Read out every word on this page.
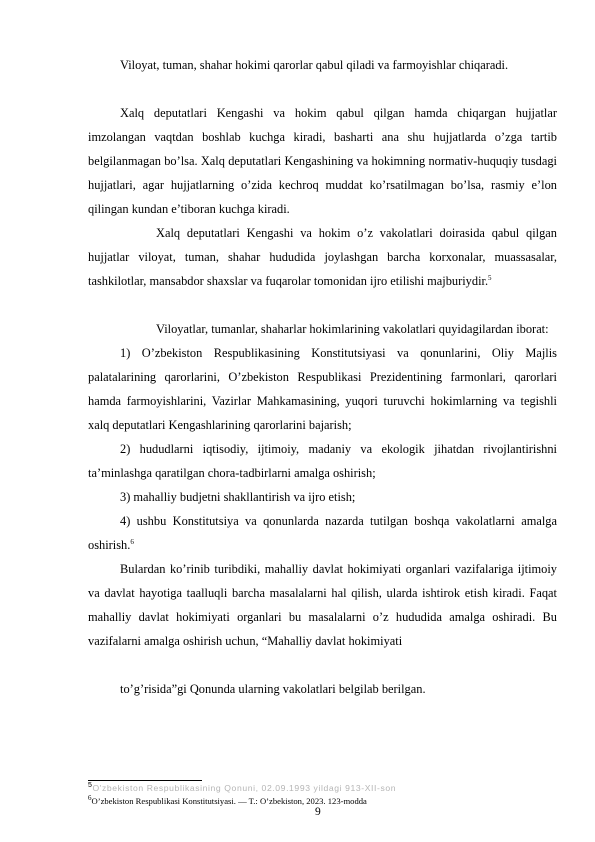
Viloyat, tuman, shahar hokimi qarorlar qabul qiladi va farmoyishlar chiqaradi.
Xalq deputatlari Kengashi va hokim qabul qilgan hamda chiqargan hujjatlar imzolangan vaqtdan boshlab kuchga kiradi, basharti ana shu hujjatlarda o’zga tartib belgilanmagan bo’lsa. Xalq deputatlari Kengashining va hokimning normativ-huquqiy tusdagi hujjatlari, agar hujjatlarning o’zida kechroq muddat ko’rsatilmagan bo’lsa, rasmiy e’lon qilingan kundan e’tiboran kuchga kiradi.
Xalq deputatlari Kengashi va hokim o’z vakolatlari doirasida qabul qilgan hujjatlar viloyat, tuman, shahar hududida joylashgan barcha korxonalar, muassasalar, tashkilotlar, mansabdor shaxslar va fuqarolar tomonidan ijro etilishi majburiydir.$^5$
Viloyatlar, tumanlar, shaharlar hokimlarining vakolatlari quyidagilardan iborat:
1) O’zbekiston Respublikasining Konstitutsiyasi va qonunlarini, Oliy Majlis palatalarining qarorlarini, O’zbekiston Respublikasi Prezidentining farmonlari, qarorlari hamda farmoyishlarini, Vazirlar Mahkamasining, yuqori turuvchi hokimlarning va tegishli xalq deputatlari Kengashlarining qarorlarini bajarish;
2) hududlarni iqtisodiy, ijtimoiy, madaniy va ekologik jihatdan rivojlantirishni ta’minlashga qaratilgan chora-tadbirlarni amalga oshirish;
3) mahalliy budjetni shakllantirish va ijro etish;
4) ushbu Konstitutsiya va qonunlarda nazarda tutilgan boshqa vakolatlarni amalga oshirish.$^6$
Bulardan ko’rinib turibdiki, mahalliy davlat hokimiyati organlari vazifalariga ijtimoiy va davlat hayotiga taalluqli barcha masalalarni hal qilish, ularda ishtirok etish kiradi. Faqat mahalliy davlat hokimiyati organlari bu masalalarni o’z hududida amalga oshiradi. Bu vazifalarni amalga oshirish uchun, “Mahalliy davlat hokimiyati
to’g’risida”gi Qonunda ularning vakolatlari belgilab berilgan.
$^5$O'zbekiston Respublikasining Qonuni, 02.09.1993 yildagi 913-XII-son
$^6$O’zbekiston Respublikasi Konstitutsiyasi. — T.: O’zbekiston, 2023. 123-modda
9
